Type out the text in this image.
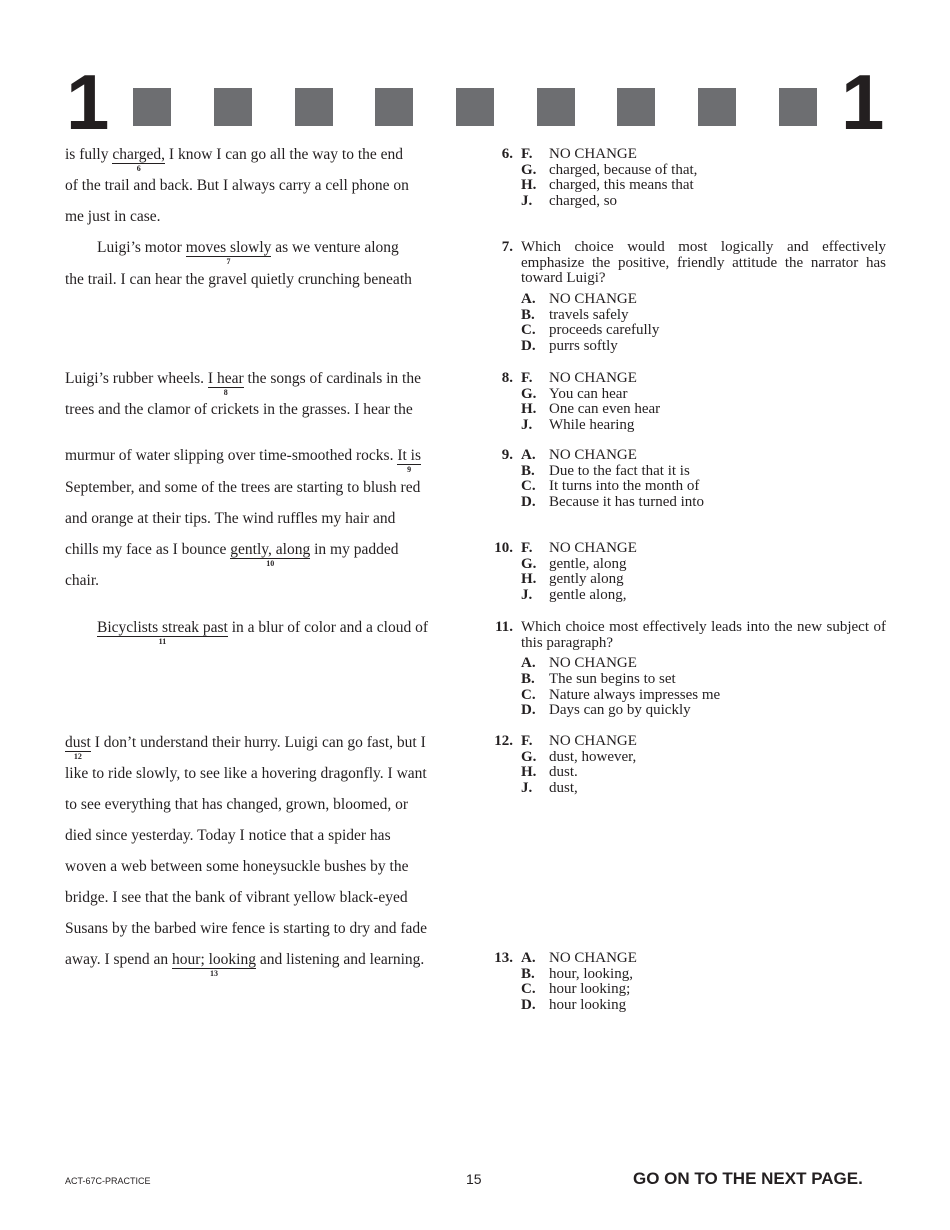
1	1
is fully charged,
6
I know I can go all the way to the end
of the trail and back. But I always carry a cell phone on
me just in case.
Luigi’s motor moves slowly
7
as we venture along
the trail. I can hear the gravel quietly crunching beneath
Luigi’s rubber wheels. I hear
8
the songs of cardinals in the
trees and the clamor of crickets in the grasses. I hear the
murmur of water slipping over time-smoothed rocks. It is
9
September, and some of the trees are starting to blush red
and orange at their tips. The wind ruffles my hair and
chills my face as I bounce gently, along
10
in my padded
chair.
Bicyclists streak past
11
in a blur of color and a cloud of
dust
12
I don’t understand their hurry. Luigi can go fast, but I
like to ride slowly, to see like a hovering dragonfly. I want
to see everything that has changed, grown, bloomed, or
died since yesterday. Today I notice that a spider has
woven a web between some honeysuckle bushes by the
bridge. I see that the bank of vibrant yellow black-eyed
Susans by the barbed wire fence is starting to dry and fade
away. I spend an hour; looking
13
and listening and learning.
6. F. NO CHANGE
G. charged, because of that,
H. charged, this means that
J. charged, so
7. Which choice would most logically and effectively emphasize the positive, friendly attitude the narrator has toward Luigi?
A. NO CHANGE
B. travels safely
C. proceeds carefully
D. purrs softly
8. F. NO CHANGE
G. You can hear
H. One can even hear
J. While hearing
9. A. NO CHANGE
B. Due to the fact that it is
C. It turns into the month of
D. Because it has turned into
10. F. NO CHANGE
G. gentle, along
H. gently along
J. gentle along,
11. Which choice most effectively leads into the new subject of this paragraph?
A. NO CHANGE
B. The sun begins to set
C. Nature always impresses me
D. Days can go by quickly
12. F. NO CHANGE
G. dust, however,
H. dust.
J. dust,
13. A. NO CHANGE
B. hour, looking,
C. hour looking;
D. hour looking
ACT-67C-PRACTICE	15	GO ON TO THE NEXT PAGE.
